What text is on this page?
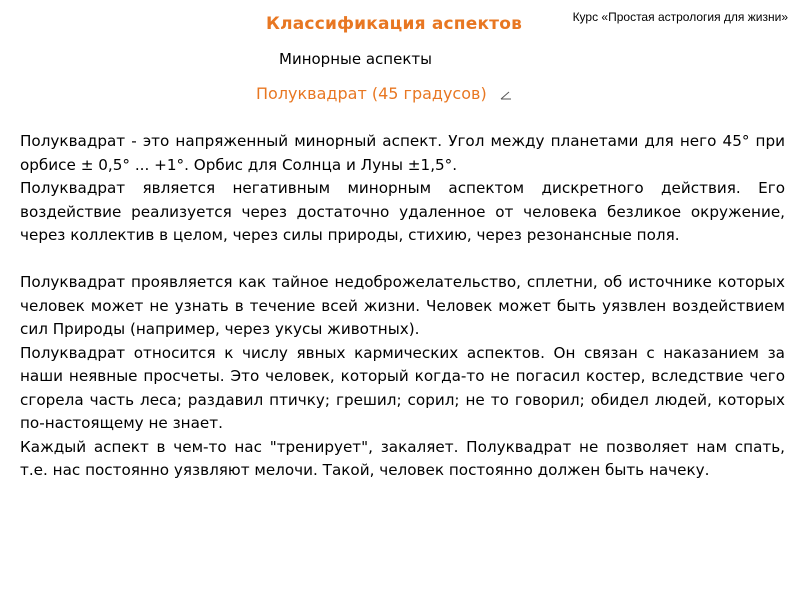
Курс «Простая астрология для жизни»
Классификация аспектов
Минорные аспекты
Полуквадрат (45 градусов)

Полуквадрат - это напряженный минорный аспект. Угол между планетами для него 45° при орбисе ± 0,5° ... +1°. Орбис для Солнца и Луны ±1,5°.

Полуквадрат является негативным минорным аспектом дискретного действия. Его воздействие реализуется через достаточно удаленное от человека безликое окружение, через коллектив в целом, через силы природы, стихию, через резонансные поля.

Полуквадрат проявляется как тайное недоброжелательство, сплетни, об источнике которых человек может не узнать в течение всей жизни. Человек может быть уязвлен воздействием сил Природы (например, через укусы животных).

Полуквадрат относится к числу явных кармических аспектов. Он связан с наказанием за наши неявные просчеты. Это человек, который когда-то не погасил костер, вследствие чего сгорела часть леса; раздавил птичку; грешил; сорил; не то говорил; обидел людей, которых по-настоящему не знает.

Каждый аспект в чем-то нас "тренирует", закаляет. Полуквадрат не позволяет нам спать, т.е. нас постоянно уязвляют мелочи. Такой, человек постоянно должен быть начеку.
